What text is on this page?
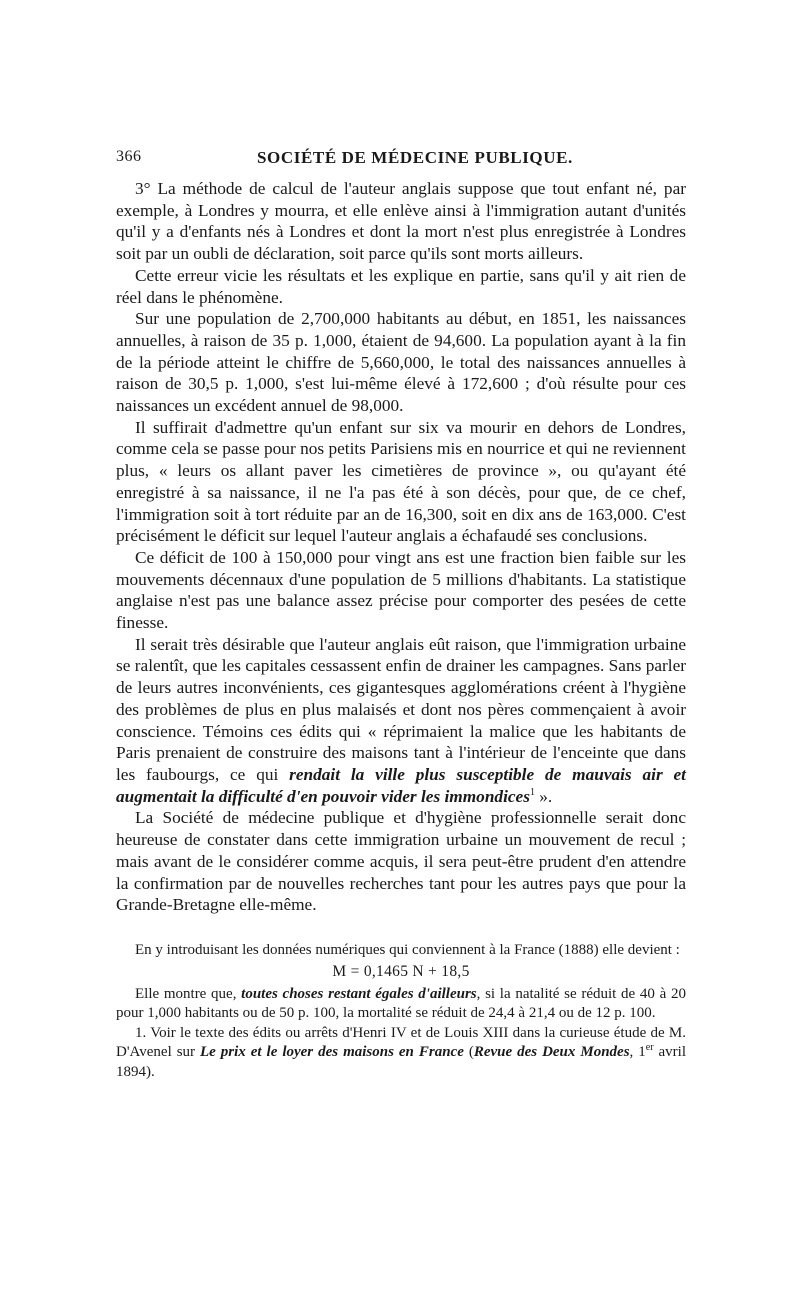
366	SOCIÉTÉ DE MÉDECINE PUBLIQUE.

3° La méthode de calcul de l'auteur anglais suppose que tout enfant né, par exemple, à Londres y mourra, et elle enlève ainsi à l'immigration autant d'unités qu'il y a d'enfants nés à Londres et dont la mort n'est plus enregistrée à Londres soit par un oubli de déclaration, soit parce qu'ils sont morts ailleurs.

Cette erreur vicie les résultats et les explique en partie, sans qu'il y ait rien de réel dans le phénomène.

Sur une population de 2,700,000 habitants au début, en 1851, les naissances annuelles, à raison de 35 p. 1,000, étaient de 94,600. La population ayant à la fin de la période atteint le chiffre de 5,660,000, le total des naissances annuelles à raison de 30,5 p. 1,000, s'est lui-même élevé à 172,600 ; d'où résulte pour ces naissances un excédent annuel de 98,000.

Il suffirait d'admettre qu'un enfant sur six va mourir en dehors de Londres, comme cela se passe pour nos petits Parisiens mis en nourrice et qui ne reviennent plus, « leurs os allant paver les cimetières de province », ou qu'ayant été enregistré à sa naissance, il ne l'a pas été à son décès, pour que, de ce chef, l'immigration soit à tort réduite par an de 16,300, soit en dix ans de 163,000. C'est précisément le déficit sur lequel l'auteur anglais a échafaudé ses conclusions.

Ce déficit de 100 à 150,000 pour vingt ans est une fraction bien faible sur les mouvements décennaux d'une population de 5 millions d'habitants. La statistique anglaise n'est pas une balance assez précise pour comporter des pesées de cette finesse.

Il serait très désirable que l'auteur anglais eût raison, que l'immigration urbaine se ralentît, que les capitales cessassent enfin de drainer les campagnes. Sans parler de leurs autres inconvénients, ces gigantesques agglomérations créent à l'hygiène des problèmes de plus en plus malaisés et dont nos pères commençaient à avoir conscience. Témoins ces édits qui « réprimaient la malice que les habitants de Paris prenaient de construire des maisons tant à l'intérieur de l'enceinte que dans les faubourgs, ce qui rendait la ville plus susceptible de mauvais air et augmentait la difficulté d'en pouvoir vider les immondices$^1$ ».

La Société de médecine publique et d'hygiène professionnelle serait donc heureuse de constater dans cette immigration urbaine un mouvement de recul ; mais avant de le considérer comme acquis, il sera peut-être prudent d'en attendre la confirmation par de nouvelles recherches tant pour les autres pays que pour la Grande-Bretagne elle-même.

En y introduisant les données numériques qui conviennent à la France (1888) elle devient :

M = 0,1465 N + 18,5

Elle montre que, toutes choses restant égales d'ailleurs, si la natalité se réduit de 40 à 20 pour 1,000 habitants ou de 50 p. 100, la mortalité se réduit de 24,4 à 21,4 ou de 12 p. 100.

1. Voir le texte des édits ou arrêts d'Henri IV et de Louis XIII dans la curieuse étude de M. D'Avenel sur Le prix et le loyer des maisons en France (Revue des Deux Mondes, 1er avril 1894).
